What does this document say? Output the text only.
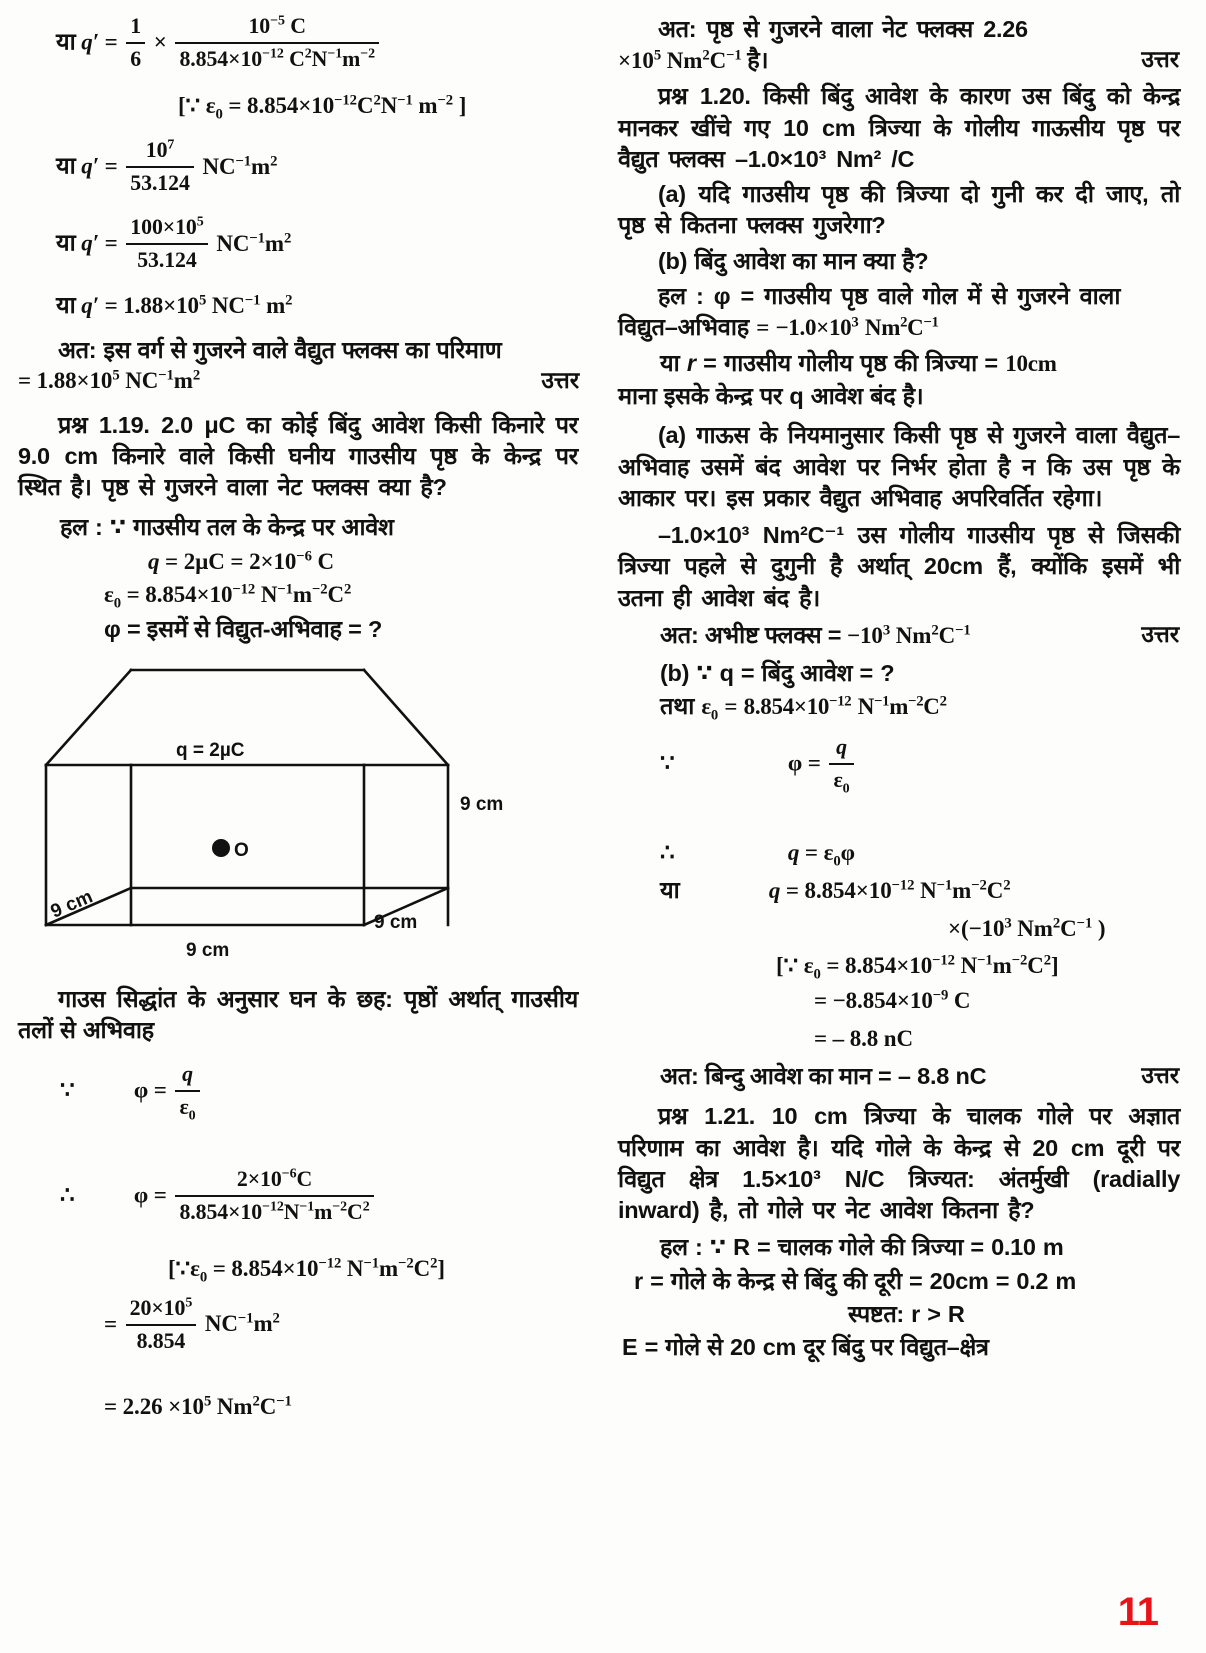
या $q' = \frac{1}{6} \times \frac{10^{-5} C}{8.854\times 10^{-12} C^2N^{-1}m^{-2}}$
[∵ $\varepsilon_0 = 8.854\times 10^{-12}C^2N^{-1}$ $m^{-2}$ ]
या $q' = \frac{10^7}{53.124} NC^{-1}m^2$
या $q' = \frac{100\times 10^5}{53.124} NC^{-1}m^2$
या $q' = 1.88\times 10^5$ $NC^{-1}$ $m^2$
अत: इस वर्ग से गुजरने वाले वैद्युत फ्लक्स का परिमाण
= $1.88\times 10^5$ $NC^{-1}m^2$	उत्तर
प्रश्न 1.19. 2.0 μC का कोई बिंदु आवेश किसी किनारे पर 9.0 cm किनारे वाले किसी घनीय गाउसीय पृष्ठ के केन्द्र पर स्थित है। पृष्ठ से गुजरने वाला नेट फ्लक्स क्या है?
हल : ∵ गाउसीय तल के केन्द्र पर आवेश
$q = 2\mu C = 2\times 10^{-6}$ C
$\varepsilon_0 = 8.854\times 10^{-12}$ $N^{-1}m^{-2}C^2$
φ = इसमें से विद्युत-अभिवाह = ?
O
q = 2µC
9 cm
9 cm
9 cm
9 cm
गाउस सिद्धांत के अनुसार घन के छह: पृष्ठों अर्थात् गाउसीय तलों से अभिवाह
∵	$\varphi = \frac{q}{\varepsilon_0}$
∴	$\varphi = \frac{2\times 10^{-6}C}{8.854\times 10^{-12}N^{-1}m^{-2}C^2}$
[$\because\varepsilon_0 = 8.854\times 10^{-12}$ $N^{-1}m^{-2}C^2$]
= $\frac{20\times 10^5}{8.854} NC^{-1}m^2$
= $2.26 \times 10^5$ $Nm^2C^{-1}$
अत: पृष्ठ से गुजरने वाला नेट फ्लक्स 2.26
$\times 10^5$ $Nm^2C^{-1}$ है।	उत्तर
प्रश्न 1.20. किसी बिंदु आवेश के कारण उस बिंदु को केन्द्र मानकर खींचे गए 10 cm त्रिज्या के गोलीय गाऊसीय पृष्ठ पर वैद्युत फ्लक्स –1.0×10³ Nm² /C
(a) यदि गाउसीय पृष्ठ की त्रिज्या दो गुनी कर दी जाए, तो पृष्ठ से कितना फ्लक्स गुजरेगा?
(b) बिंदु आवेश का मान क्या है?
हल : φ = गाउसीय पृष्ठ वाले गोल में से गुजरने वाला
विद्युत–अभिवाह = $-1.0\times 10^3$ $Nm^2C^{-1}$
या r = गाउसीय गोलीय पृष्ठ की त्रिज्या = 10cm
माना इसके केन्द्र पर q आवेश बंद है।
(a) गाऊस के नियमानुसार किसी पृष्ठ से गुजरने वाला वैद्युत–अभिवाह उसमें बंद आवेश पर निर्भर होता है न कि उस पृष्ठ के आकार पर। इस प्रकार वैद्युत अभिवाह अपरिवर्तित रहेगा।
–1.0×10³ Nm²C⁻¹ उस गोलीय गाउसीय पृष्ठ से जिसकी त्रिज्या पहले से दुगुनी है अर्थात् 20cm हैं, क्योंकि इसमें भी उतना ही आवेश बंद है।
अत: अभीष्ट फ्लक्स = $-10^3$ $Nm^2C^{-1}$	उत्तर
(b) ∵ q = बिंदु आवेश = ?
तथा $\varepsilon_0 = 8.854\times 10^{-12}$ $N^{-1}m^{-2}C^2$
∵	$\varphi = \frac{q}{\varepsilon_0}$
∴	$q = \varepsilon_0\varphi$
या	$q = 8.854\times 10^{-12}$ $N^{-1}m^{-2}C^2$
$\times(-10^3$ $Nm^2C^{-1}$ )
[∵ $\varepsilon_0 = 8.854\times 10^{-12}$ $N^{-1}m^{-2}C^2$]
= $-8.854\times 10^{-9}$ C
= – 8.8 nC
अत: बिन्दु आवेश का मान = – 8.8 nC	उत्तर
प्रश्न 1.21. 10 cm त्रिज्या के चालक गोले पर अज्ञात परिणाम का आवेश है। यदि गोले के केन्द्र से 20 cm दूरी पर विद्युत क्षेत्र 1.5×10³ N/C त्रिज्यत: अंतर्मुखी (radially inward) है, तो गोले पर नेट आवेश कितना है?
हल : ∵ R = चालक गोले की त्रिज्या = 0.10 m
r = गोले के केन्द्र से बिंदु की दूरी = 20cm = 0.2 m
स्पष्टत: r > R
E = गोले से 20 cm दूर बिंदु पर विद्युत–क्षेत्र
11
